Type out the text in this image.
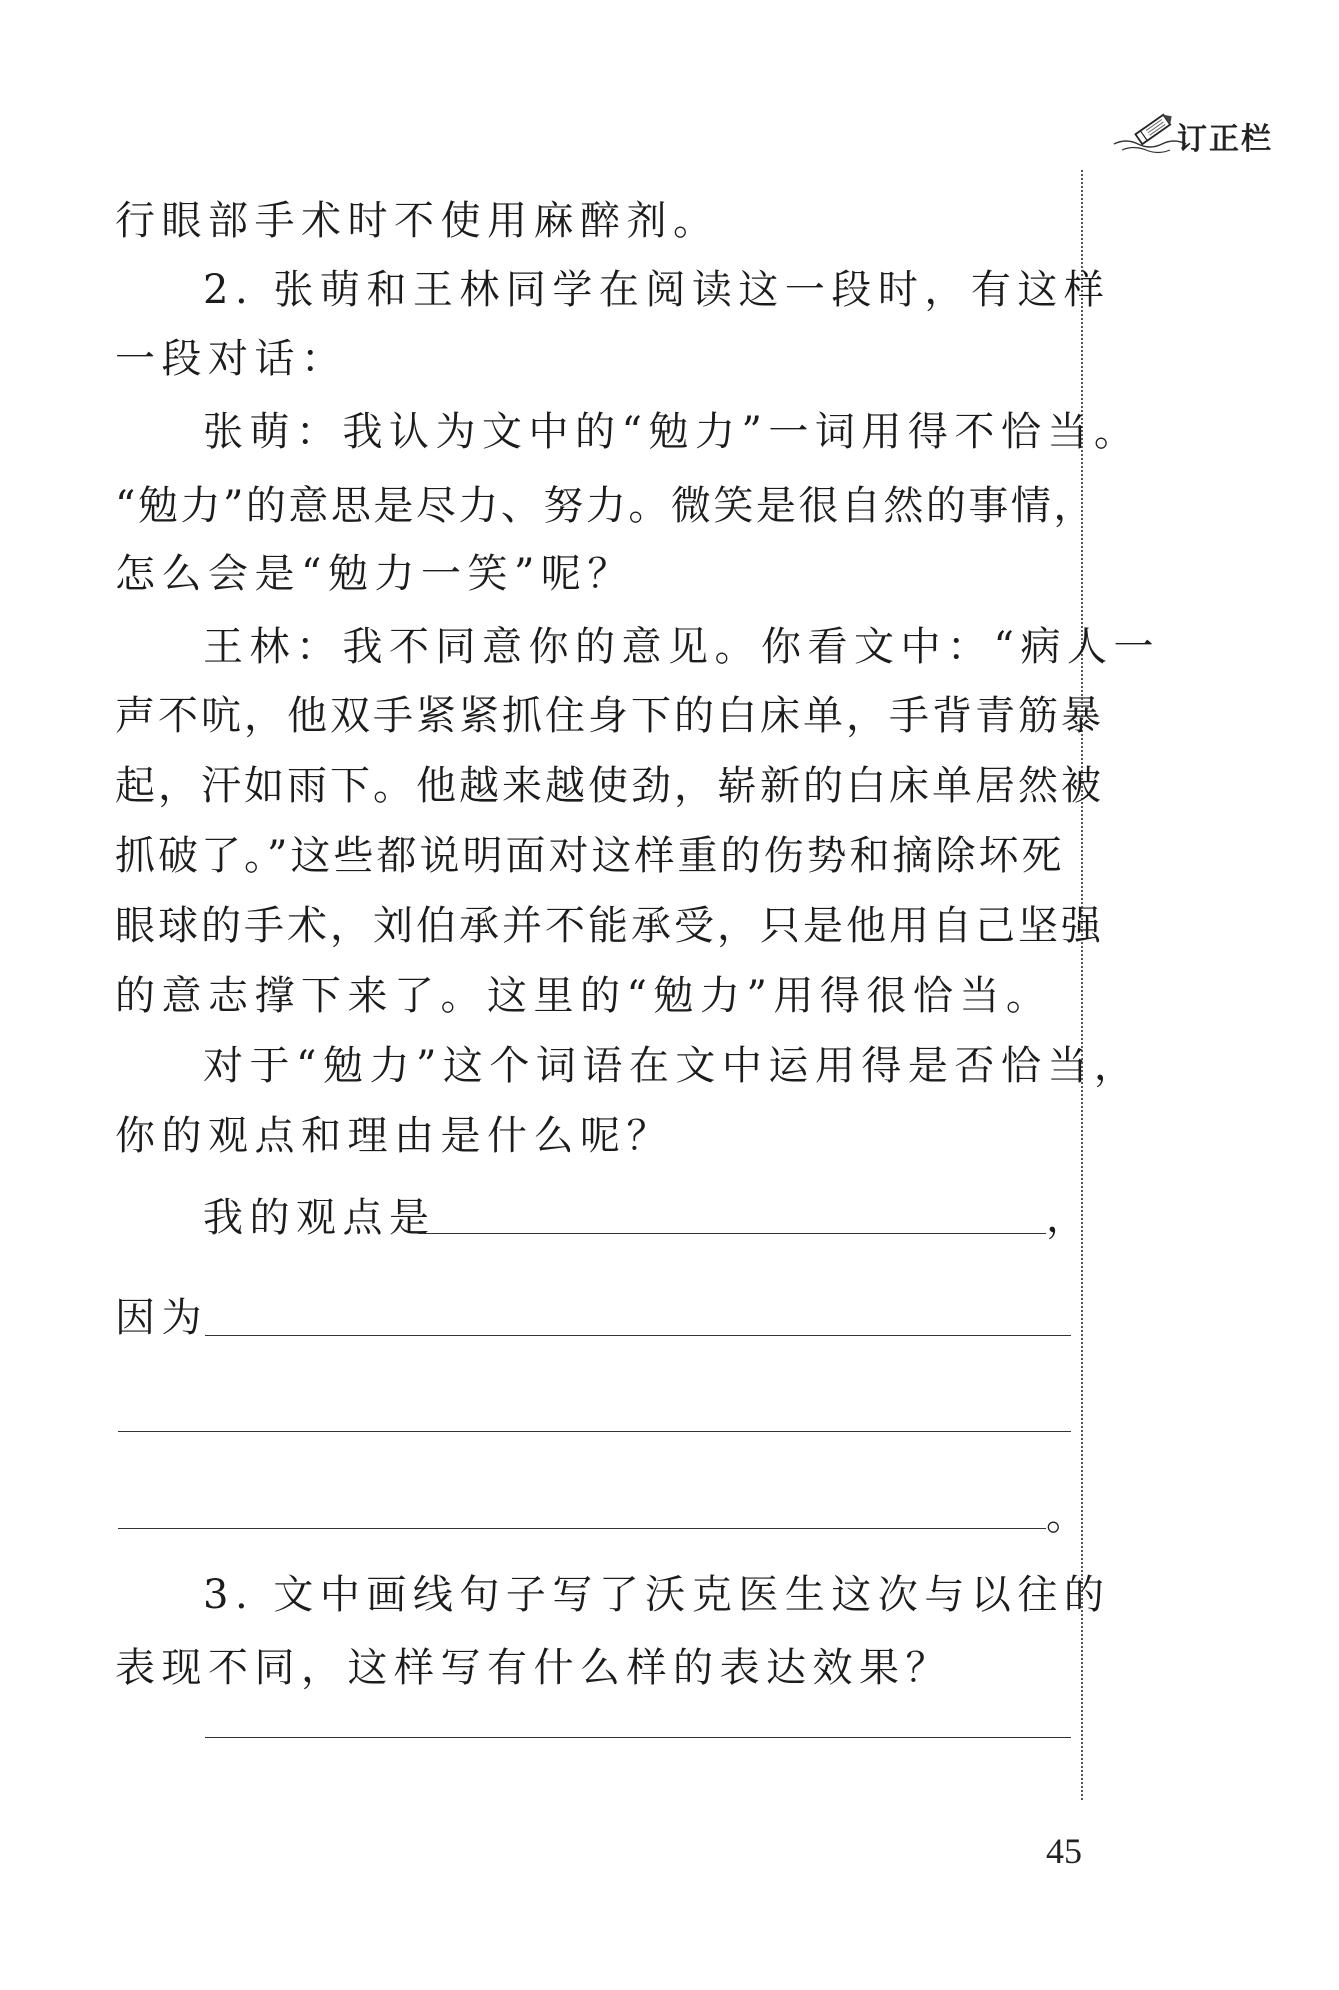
订正栏

行眼部手术时不使用麻醉剂。

2. 张萌和王林同学在阅读这一段时，有这样

一段对话：

张萌：我认为文中的“勉力”一词用得不恰当。

“勉力”的意思是尽力、努力。微笑是很自然的事情，

怎么会是“勉力一笑”呢？

王林：我不同意你的意见。你看文中：“病人一

声不吭，他双手紧紧抓住身下的白床单，手背青筋暴

起，汗如雨下。他越来越使劲，崭新的白床单居然被

抓破了。”这些都说明面对这样重的伤势和摘除坏死

眼球的手术，刘伯承并不能承受，只是他用自己坚强

的意志撑下来了。这里的“勉力”用得很恰当。

对于“勉力”这个词语在文中运用得是否恰当，

你的观点和理由是什么呢？

我的观点是	，

因为

。

3. 文中画线句子写了沃克医生这次与以往的

表现不同，这样写有什么样的表达效果？

45
